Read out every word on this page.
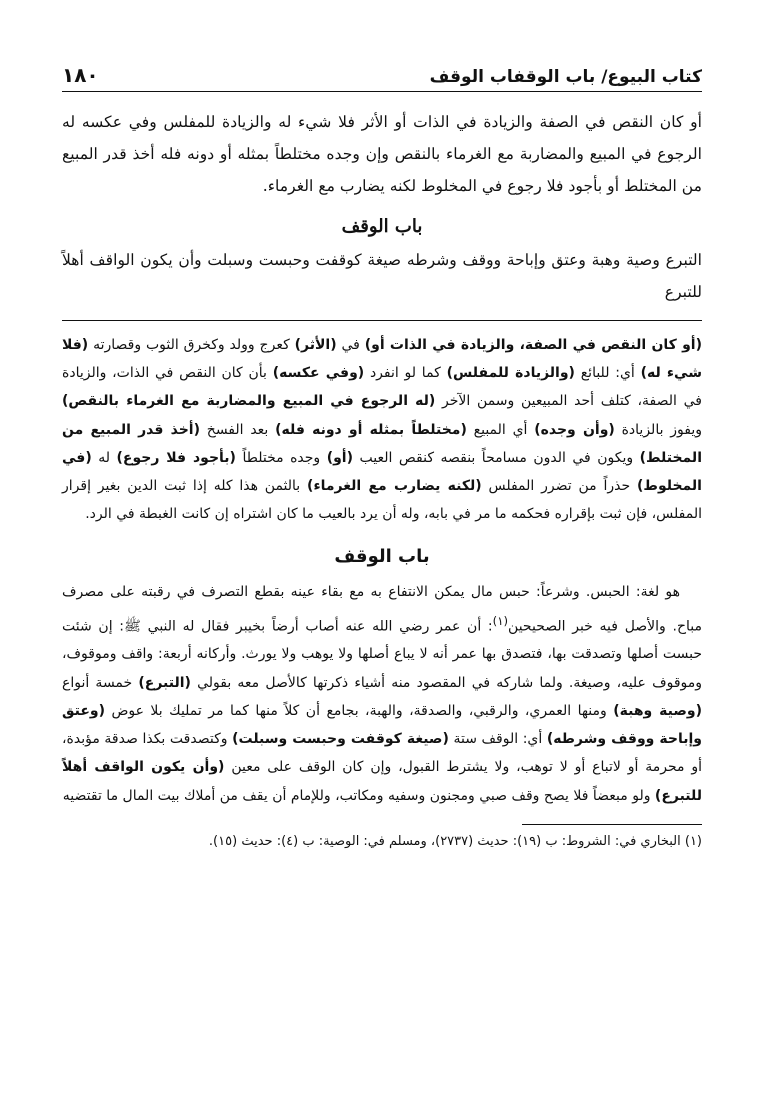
كتاب البيوع/ باب الوقفاب الوقف
١٨٠

أو كان النقص في الصفة والزيادة في الذات أو الأثر فلا شيء له والزيادة للمفلس وفي عكسه له الرجوع في المبيع والمضاربة مع الغرماء بالنقص وإن وجده مختلطاً بمثله أو دونه فله أخذ قدر المبيع من المختلط أو بأجود فلا رجوع في المخلوط لكنه يضارب مع الغرماء.

باب الوقف

التبرع وصية وهبة وعتق وإباحة ووقف وشرطه صيغة كوقفت وحبست وسبلت وأن يكون الواقف أهلاً للتبرع

(أو كان النقص في الصفة، والزيادة في الذات أو) في (الأثر) كعرج وولد وكخرق الثوب وقصارته (فلا شيء له) أي: للبائع (والزيادة للمفلس) كما لو انفرد (وفي عكسه) بأن كان النقص في الذات، والزيادة في الصفة، كتلف أحد المبيعين وسمن الآخر (له الرجوع في المبيع والمضاربة مع الغرماء بالنقص) ويفوز بالزيادة (وأن وجده) أي المبيع (مختلطاً بمثله أو دونه فله) بعد الفسخ (أخذ قدر المبيع من المختلط) ويكون في الدون مسامحاً بنقصه كنقص العيب (أو) وجده مختلطاً (بأجود فلا رجوع) له (في المخلوط) حذراً من تضرر المفلس (لكنه يضارب مع الغرماء) بالثمن هذا كله إذا ثبت الدين بغير إقرار المفلس، فإن ثبت بإقراره فحكمه ما مر في بابه، وله أن يرد بالعيب ما كان اشتراه إن كانت الغبطة في الرد.

باب الوقف

هو لغة: الحبس. وشرعاً: حبس مال يمكن الانتفاع به مع بقاء عينه بقطع التصرف في رقبته على مصرف مباح. والأصل فيه خبر الصحيحين$^{(١)}$: أن عمر رضي الله عنه أصاب أرضاً بخيبر فقال له النبي ﷺ: إن شئت حبست أصلها وتصدقت بها، فتصدق بها عمر أنه لا يباع أصلها ولا يوهب ولا يورث. وأركانه أربعة: واقف وموقوف، وموقوف عليه، وصيغة. ولما شاركه في المقصود منه أشياء ذكرتها كالأصل معه بقولي (التبرع) خمسة أنواع (وصية وهبة) ومنها العمري، والرقبي، والصدقة، والهبة، بجامع أن كلاً منها كما مر تمليك بلا عوض (وعتق وإباحة ووقف وشرطه) أي: الوقف ستة (صيغة كوقفت وحبست وسبلت) وكتصدقت بكذا صدقة مؤبدة، أو محرمة أو لاتباع أو لا توهب، ولا يشترط القبول، وإن كان الوقف على معين (وأن يكون الواقف أهلاً للتبرع) ولو مبعضاً فلا يصح وقف صبي ومجنون وسفيه ومكاتب، وللإمام أن يقف من أملاك بيت المال ما تقتضيه

(١) البخاري في: الشروط: ب (١٩): حديث (٢٧٣٧)، ومسلم في: الوصية: ب (٤): حديث (١٥).
